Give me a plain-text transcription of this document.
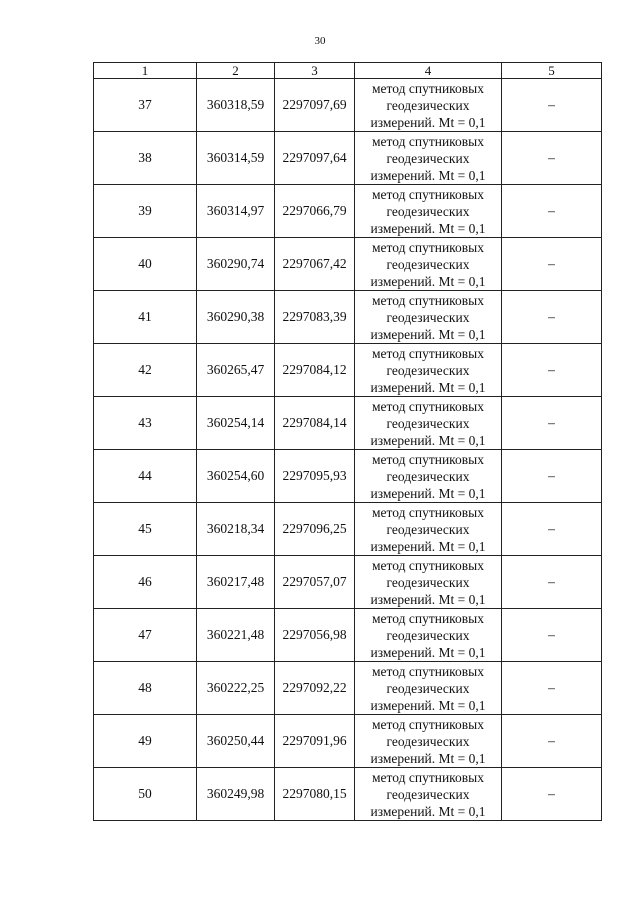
30
1	2	3	4	5
37	360318,59	2297097,69	метод спутниковых
геодезических
измерений. Mt = 0,1	–
38	360314,59	2297097,64	метод спутниковых
геодезических
измерений. Mt = 0,1	–
39	360314,97	2297066,79	метод спутниковых
геодезических
измерений. Mt = 0,1	–
40	360290,74	2297067,42	метод спутниковых
геодезических
измерений. Mt = 0,1	–
41	360290,38	2297083,39	метод спутниковых
геодезических
измерений. Mt = 0,1	–
42	360265,47	2297084,12	метод спутниковых
геодезических
измерений. Mt = 0,1	–
43	360254,14	2297084,14	метод спутниковых
геодезических
измерений. Mt = 0,1	–
44	360254,60	2297095,93	метод спутниковых
геодезических
измерений. Mt = 0,1	–
45	360218,34	2297096,25	метод спутниковых
геодезических
измерений. Mt = 0,1	–
46	360217,48	2297057,07	метод спутниковых
геодезических
измерений. Mt = 0,1	–
47	360221,48	2297056,98	метод спутниковых
геодезических
измерений. Mt = 0,1	–
48	360222,25	2297092,22	метод спутниковых
геодезических
измерений. Mt = 0,1	–
49	360250,44	2297091,96	метод спутниковых
геодезических
измерений. Mt = 0,1	–
50	360249,98	2297080,15	метод спутниковых
геодезических
измерений. Mt = 0,1	–
